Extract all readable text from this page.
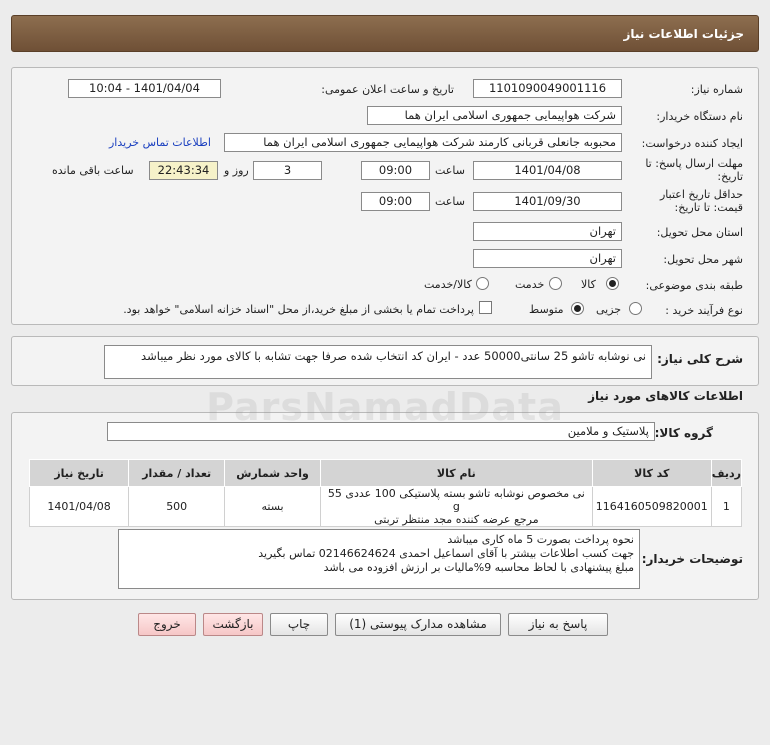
جزئیات اطلاعات نیاز
شماره نیاز:
1101090049001116
تاریخ و ساعت اعلان عمومی:
1401/04/04 - 10:04
نام دستگاه خریدار:
شرکت هواپیمایی جمهوری اسلامی ایران هما
ایجاد کننده درخواست:
محبوبه جانعلی قربانی کارمند شرکت هواپیمایی جمهوری اسلامی ایران هما
اطلاعات تماس خریدار
مهلت ارسال پاسخ: تا تاریخ:
1401/04/08
ساعت
09:00
3
روز و
22:43:34
ساعت باقی مانده
حداقل تاریخ اعتبار قیمت: تا تاریخ:
1401/09/30
ساعت
09:00
استان محل تحویل:
تهران
شهر محل تحویل:
تهران
طبقه بندی موضوعی:
کالا
خدمت
کالا/خدمت
نوع فرآیند خرید :
جزیی
متوسط
پرداخت تمام یا بخشی از مبلغ خرید،از محل "اسناد خزانه اسلامی" خواهد بود.
شرح کلی نیاز:
نی نوشابه تاشو 25 سانتی50000 عدد - ایران کد انتخاب شده صرفا جهت تشابه با کالای مورد نظر میباشد
اطلاعات کالاهای مورد نیاز
گروه کالا:
پلاستیک و ملامین
ردیف	کد کالا	نام کالا	واحد شمارش	تعداد / مقدار	تاریخ نیاز
1	1164160509820001	نی مخصوص نوشابه تاشو بسته پلاستیکی 100 عددی 55 g
مرجع عرضه کننده مجد منتظر تربتی	بسته	500	1401/04/08
توضیحات خریدار:
نحوه پرداخت بصورت 5 ماه کاری میباشد
جهت کسب اطلاعات بیشتر با آقای اسماعیل احمدی 02146624624 تماس بگیرید
مبلغ پیشنهادی با لحاظ محاسبه 9%مالیات بر ارزش افزوده می باشد
پاسخ به نیاز
مشاهده مدارک پیوستی (1)
چاپ
بازگشت
خروج
ParsNamadData
